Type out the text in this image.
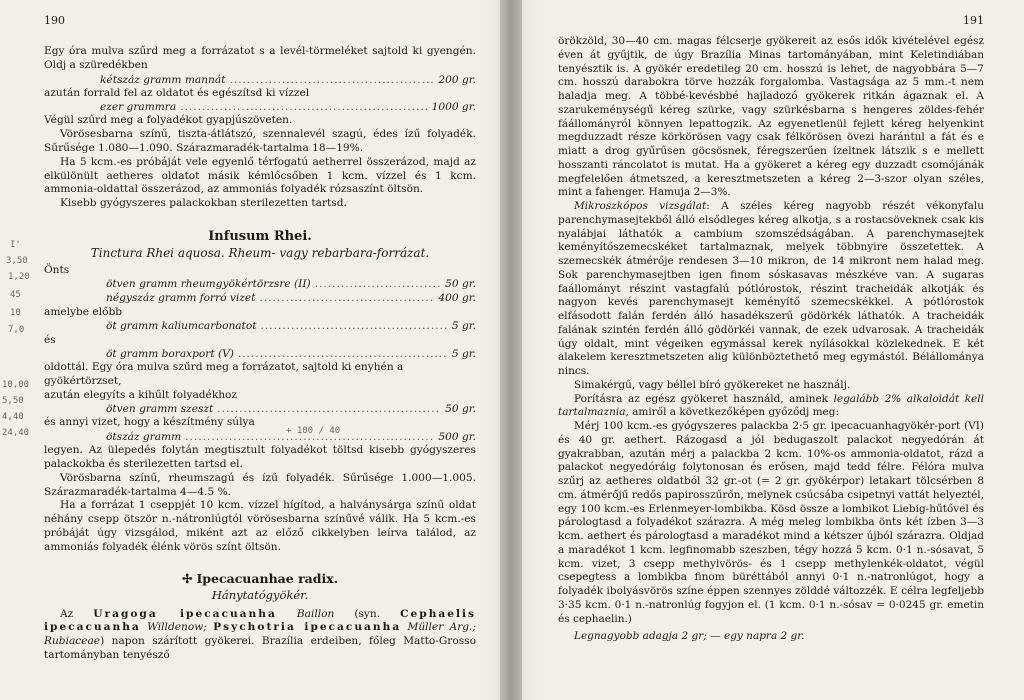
190

Egy óra mulva szűrd meg a forrázatot s a levél-törmeléket sajtold ki gyengén. Oldj a szüredékben

kétszáz gramm mannát .....	200 gr.
azután forrald fel az oldatot és egészítsd ki vízzel
ezer grammra .....	1000 gr.
Végül szűrd meg a folyadékot gyapjúszöveten.

Vörösesbarna színű, tiszta-átlátszó, szennalevél szagú, édes ízű folyadék. Sűrűsége 1.080—1.090. Szárazmaradék-tartalma 18—19%.

Ha 5 kcm.-es próbáját vele egyenlő térfogatú aetherrel összerázod, majd az elkülönült aetheres oldatot másik kémlőcsőben 1 kcm. vízzel és 1 kcm. ammonia-oldattal összerázod, az ammoniás folyadék rózsaszínt öltsön.

Kisebb gyógyszeres palackokban sterilezetten tartsd.

Infusum Rhei.
Tinctura Rhei aquosa. Rheum- vagy rebarbara-forrázat.
Önts
ötven gramm rheumgyökértörzsre (II) .....	50 gr.
négyszáz gramm forró vizet .....	400 gr.
amelybe előbb
öt gramm kaliumcarbonatot .....	5 gr.
és
öt gramm boraxport (V) .....	5 gr.
oldottál. Egy óra mulva szűrd meg a forrázatot, sajtold ki enyhén a gyökértörzset,
azután elegyíts a kihűlt folyadékhoz
ötven gramm szeszt .....	50 gr.
és annyi vizet, hogy a készítmény súlya
ötszáz gramm .....	500 gr.

legyen. Az ülepedés folytán megtisztult folyadékot töltsd kisebb gyógyszeres palackokba és sterilezetten tartsd el.

Vörösbarna színű, rheumszagú és ízű folyadék. Sűrűsége 1.000—1.005. Szárazmaradék-tartalma 4—4.5 %.

Ha a forrázat 1 cseppjét 10 kcm. vízzel hígítod, a halványsárga színű oldat néhány csepp ötször n.-nátronlúgtól vörösesbarna színűvé válik. Ha 5 kcm.-es próbáját úgy vizsgálod, miként azt az előző cikkelyben leírva találod, az ammoniás folyadék élénk vörös színt öltsön.

✢ Ipecacuanhae radix.
Hánytatógyökér.

Az Uragoga ipecacuanha Baillon (syn. Cephaelis ipecacuanha Willdenow; Psychotria ipecacuanha Müller Arg.; Rubiaceae) napon szárított gyökerei. Brazília erdeiben, főleg Matto-Grosso tartományban tenyésző

I'
3,50
1,20
45
10
7,0
10,00
5,50
4,40
24,40	+ 100 / 40
191

örökzöld, 30—40 cm. magas félcserje gyökereit az esős idők kivételével egész éven át gyűjtik, de úgy Brazília Minas tartományában, mint Keletindiában tenyésztik is. A gyökér eredetileg 20 cm. hosszú is lehet, de nagyobbára 5—7 cm. hosszú darabokra törve hozzák forgalomba. Vastagsága az 5 mm.-t nem haladja meg. A többé-kevésbbé hajladozó gyökerek ritkán ágaznak el. A szarukeménységű kéreg szürke, vagy szürkésbarna s hengeres zöldes-fehér fáállományról könnyen lepattogzik. Az egyenetlenül fejlett kéreg helyenkint megduzzadt része körkörösen vagy csak félkörösen övezi harántul a fát és e miatt a drog gyűrűsen göcsösnek, féregszerűen ízeltnek látszik s e mellett hosszanti ráncolatot is mutat. Ha a gyökeret a kéreg egy duzzadt csomójánák megfelelően átmetszed, a keresztmetszeten a kéreg 2—3-szor olyan széles, mint a fahenger. Hamuja 2—3%.

Mikroszkópos vizsgálat: A széles kéreg nagyobb részét vékonyfalu parenchymasejtekből álló elsődleges kéreg alkotja, s a rostacsöveknek csak kis nyalábjai láthatók a cambium szomszédságában. A parenchymasejtek keményítőszemecskéket tartalmaznak, melyek többnyire összetettek. A szemecskék átmérője rendesen 3—10 mikron, de 14 mikront nem halad meg. Sok parenchymasejtben igen finom sóskasavas mészkéve van. A sugaras faállományt részint vastagfalú pótlórostok, részint tracheidák alkotják és nagyon kevés parenchymasejt keményítő szemecskékkel. A pótlórostok elfásodott falán ferdén álló hasadékszerű gödörkék láthatók. A tracheidák falának szintén ferdén álló gödörkéi vannak, de ezek udvarosak. A tracheidák úgy oldalt, mint végeiken egymással kerek nyílásokkal közlekednek. E két alakelem keresztmetszeten alig különböztethető meg egymástól. Bélállománya nincs.

Simakérgű, vagy béllel bíró gyökereket ne használj.

Porításra az egész gyökeret használd, aminek legalább 2% alkaloidát kell tartalmaznia, amiről a következőképen győződj meg:

Mérj 100 kcm.-es gyógyszeres palackba 2·5 gr. ipecacuanhagyökér-port (VI) és 40 gr. aethert. Rázogasd a jól bedugaszolt palackot negyedórán át gyakrabban, azután mérj a palackba 2 kcm. 10%-os ammonia-oldatot, rázd a palackot negyedóráig folytonosan és erősen, majd tedd félre. Félóra mulva szűrj az aetheres oldatból 32 gr.-ot (= 2 gr. gyökérpor) letakart tölcsérben 8 cm. átmérőjű redős papirosszűrőn, melynek csúcsába csipetnyi vattát helyeztél, egy 100 kcm.-es Erlenmeyer-lombikba. Kösd össze a lombikot Liebig-hűtővel és párologtasd a folyadékot szárazra. A még meleg lombikba önts két ízben 3—3 kcm. aethert és párologtasd a maradékot mind a kétszer újból szárazra. Oldjad a maradékot 1 kcm. legfinomabb szeszben, tégy hozzá 5 kcm. 0·1 n.-sósavat, 5 kcm. vizet, 3 csepp methylvörös- és 1 csepp methylenkék-oldatot, végül csepegtess a lombikba finom büréttából annyi 0·1 n.-natronlúgot, hogy a folyadék ibolyásvörös színe éppen szennyes zölddé változzék. E célra legfeljebb 3·35 kcm. 0·1 n.-natronlúg fogyjon el. (1 kcm. 0·1 n.-sósav = 0·0245 gr. emetin és cephaelin.)

Legnagyobb adagja 2 gr; — egy napra 2 gr.
